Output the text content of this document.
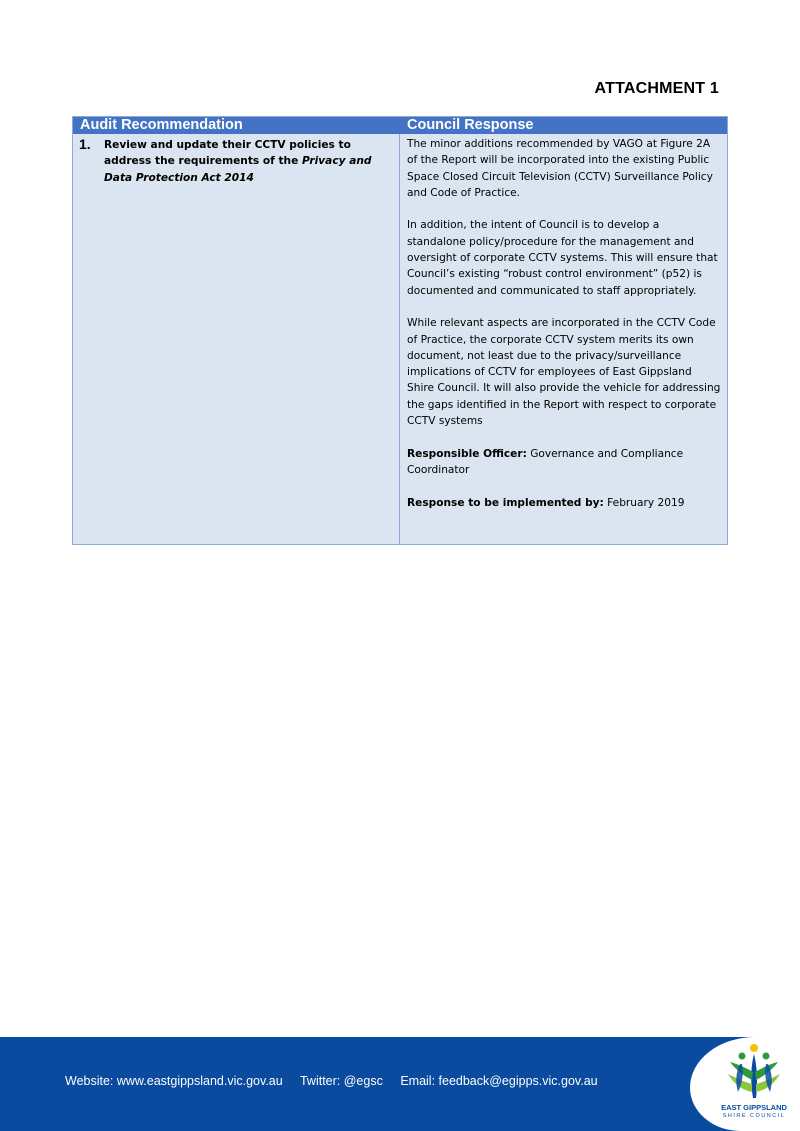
ATTACHMENT 1
Audit Recommendation	Council Response
1.	Review and update their CCTV policies to address the requirements of the Privacy and Data Protection Act 2014

The minor additions recommended by VAGO at Figure 2A of the Report will be incorporated into the existing Public Space Closed Circuit Television (CCTV) Surveillance Policy and Code of Practice.

In addition, the intent of Council is to develop a standalone policy/procedure for the management and oversight of corporate CCTV systems. This will ensure that Council’s existing “robust control environment” (p52) is documented and communicated to staff appropriately.

While relevant aspects are incorporated in the CCTV Code of Practice, the corporate CCTV system merits its own document, not least due to the privacy/surveillance implications of CCTV for employees of East Gippsland Shire Council. It will also provide the vehicle for addressing the gaps identified in the Report with respect to corporate CCTV systems

Responsible Officer: Governance and Compliance Coordinator

Response to be implemented by: February 2019

Website: www.eastgippsland.vic.gov.au Twitter: @egsc Email: feedback@egipps.vic.gov.au
EAST GIPPSLAND
SHIRE COUNCIL
